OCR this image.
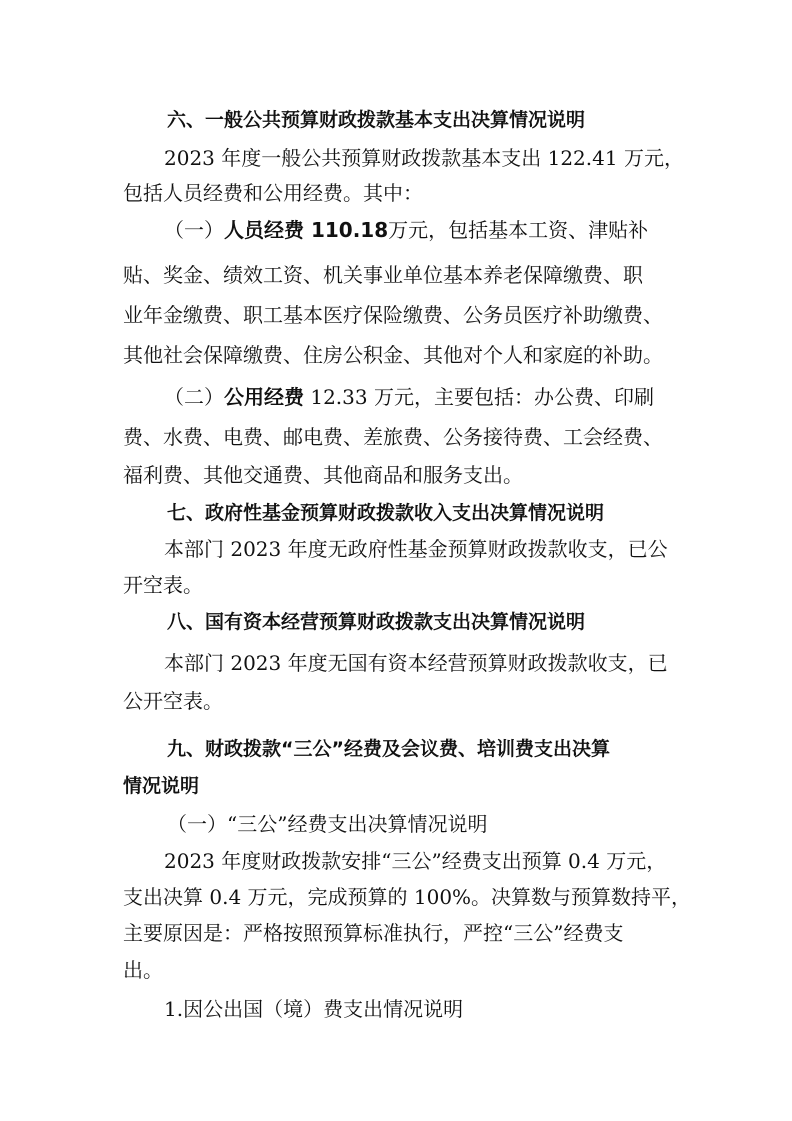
六、一般公共预算财政拨款基本支出决算情况说明
2023 年度一般公共预算财政拨款基本支出 122.41 万元，
包括人员经费和公用经费。其中：
（一）人员经费 110.18万元，包括基本工资、津贴补
贴、奖金、绩效工资、机关事业单位基本养老保障缴费、职
业年金缴费、职工基本医疗保险缴费、公务员医疗补助缴费、
其他社会保障缴费、住房公积金、其他对个人和家庭的补助。
（二）公用经费 12.33 万元，主要包括：办公费、印刷
费、水费、电费、邮电费、差旅费、公务接待费、工会经费、
福利费、其他交通费、其他商品和服务支出。
七、政府性基金预算财政拨款收入支出决算情况说明
本部门 2023 年度无政府性基金预算财政拨款收支，已公
开空表。
八、国有资本经营预算财政拨款支出决算情况说明
本部门 2023 年度无国有资本经营预算财政拨款收支，已
公开空表。
九、财政拨款“三公”经费及会议费、培训费支出决算
情况说明
（一）“三公”经费支出决算情况说明
2023 年度财政拨款安排“三公”经费支出预算 0.4 万元，
支出决算 0.4 万元，完成预算的 100%。决算数与预算数持平，
主要原因是：严格按照预算标准执行，严控“三公”经费支
出。
1.因公出国（境）费支出情况说明
